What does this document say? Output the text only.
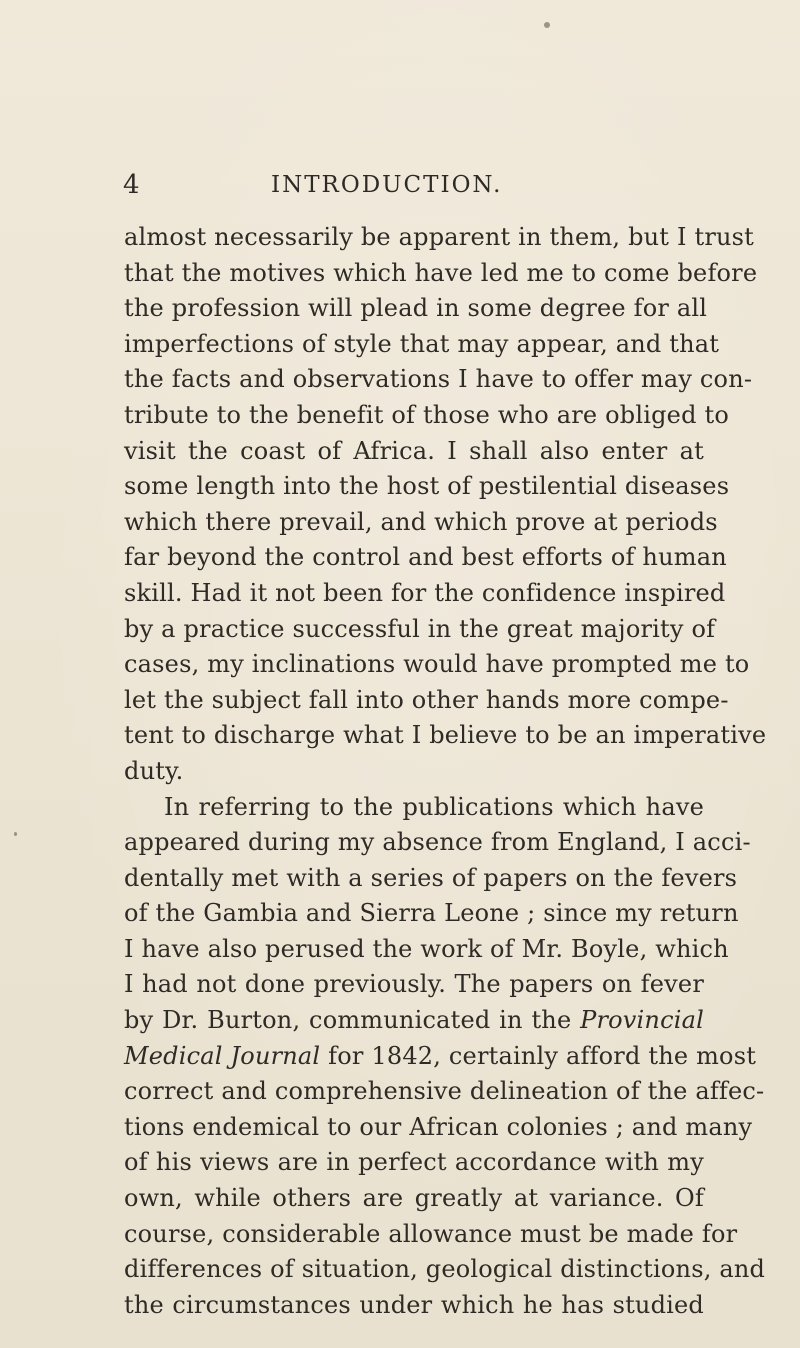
4	INTRODUCTION.
almost necessarily be apparent in them, but I trust
that the motives which have led me to come before
the profession will plead in some degree for all
imperfections of style that may appear, and that
the facts and observations I have to offer may con-
tribute to the benefit of those who are obliged to
visit the coast of Africa. I shall also enter at
some length into the host of pestilential diseases
which there prevail, and which prove at periods
far beyond the control and best efforts of human
skill. Had it not been for the confidence inspired
by a practice successful in the great majority of
cases, my inclinations would have prompted me to
let the subject fall into other hands more compe-
tent to discharge what I believe to be an imperative
duty.
In referring to the publications which have
appeared during my absence from England, I acci-
dentally met with a series of papers on the fevers
of the Gambia and Sierra Leone ; since my return
I have also perused the work of Mr. Boyle, which
I had not done previously. The papers on fever
by Dr. Burton, communicated in the Provincial
Medical Journal for 1842, certainly afford the most
correct and comprehensive delineation of the affec-
tions endemical to our African colonies ; and many
of his views are in perfect accordance with my
own, while others are greatly at variance. Of
course, considerable allowance must be made for
differences of situation, geological distinctions, and
the circumstances under which he has studied
